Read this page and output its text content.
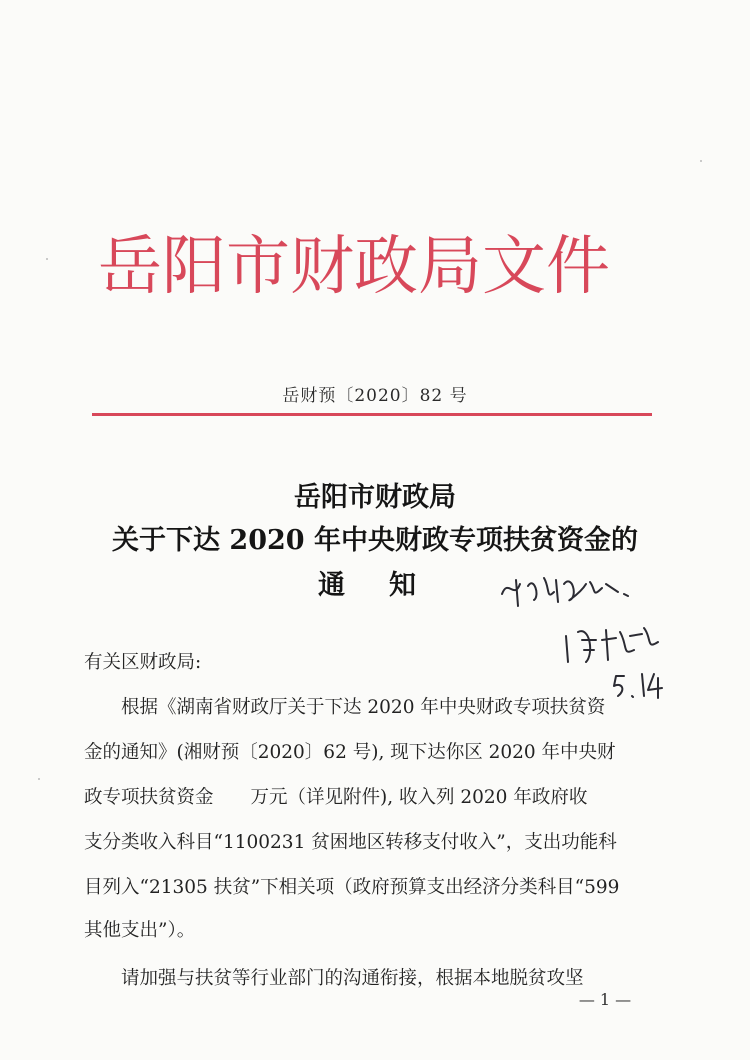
岳阳市财政局文件
岳财预〔2020〕82 号
岳阳市财政局
关于下达 2020 年中央财政专项扶贫资金的
通知
有关区财政局:
根据《湖南省财政厅关于下达 2020 年中央财政专项扶贫资
金的通知》(湘财预〔2020〕62 号), 现下达你区 2020 年中央财
政专项扶贫资金　　万元（详见附件), 收入列 2020 年政府收
支分类收入科目“1100231 贫困地区转移支付收入”，支出功能科
目列入“21305 扶贫”下相关项（政府预算支出经济分类科目“599
其他支出”）。
请加强与扶贫等行业部门的沟通衔接，根据本地脱贫攻坚
— 1 —
